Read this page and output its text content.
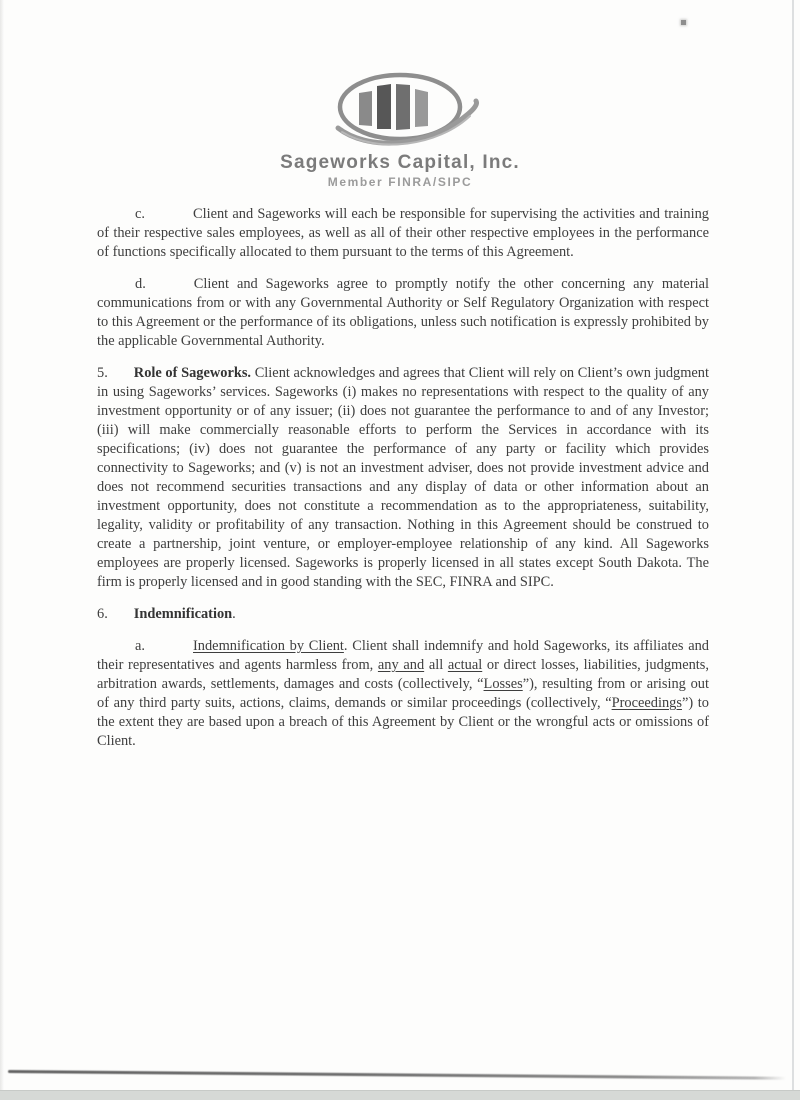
Sageworks Capital, Inc.
Member FINRA/SIPC

c.	Client and Sageworks will each be responsible for supervising the activities and training of their respective sales employees, as well as all of their other respective employees in the performance of functions specifically allocated to them pursuant to the terms of this Agreement.

d.	Client and Sageworks agree to promptly notify the other concerning any material communications from or with any Governmental Authority or Self Regulatory Organization with respect to this Agreement or the performance of its obligations, unless such notification is expressly prohibited by the applicable Governmental Authority.

5. Role of Sageworks. Client acknowledges and agrees that Client will rely on Client’s own judgment in using Sageworks’ services. Sageworks (i) makes no representations with respect to the quality of any investment opportunity or of any issuer; (ii) does not guarantee the performance to and of any Investor; (iii) will make commercially reasonable efforts to perform the Services in accordance with its specifications; (iv) does not guarantee the performance of any party or facility which provides connectivity to Sageworks; and (v) is not an investment adviser, does not provide investment advice and does not recommend securities transactions and any display of data or other information about an investment opportunity, does not constitute a recommendation as to the appropriateness, suitability, legality, validity or profitability of any transaction. Nothing in this Agreement should be construed to create a partnership, joint venture, or employer-employee relationship of any kind. All Sageworks employees are properly licensed. Sageworks is properly licensed in all states except South Dakota. The firm is properly licensed and in good standing with the SEC, FINRA and SIPC.

6. Indemnification.

a.	Indemnification by Client. Client shall indemnify and hold Sageworks, its affiliates and their representatives and agents harmless from, any and all actual or direct losses, liabilities, judgments, arbitration awards, settlements, damages and costs (collectively, “Losses”), resulting from or arising out of any third party suits, actions, claims, demands or similar proceedings (collectively, “Proceedings”) to the extent they are based upon a breach of this Agreement by Client or the wrongful acts or omissions of Client.
